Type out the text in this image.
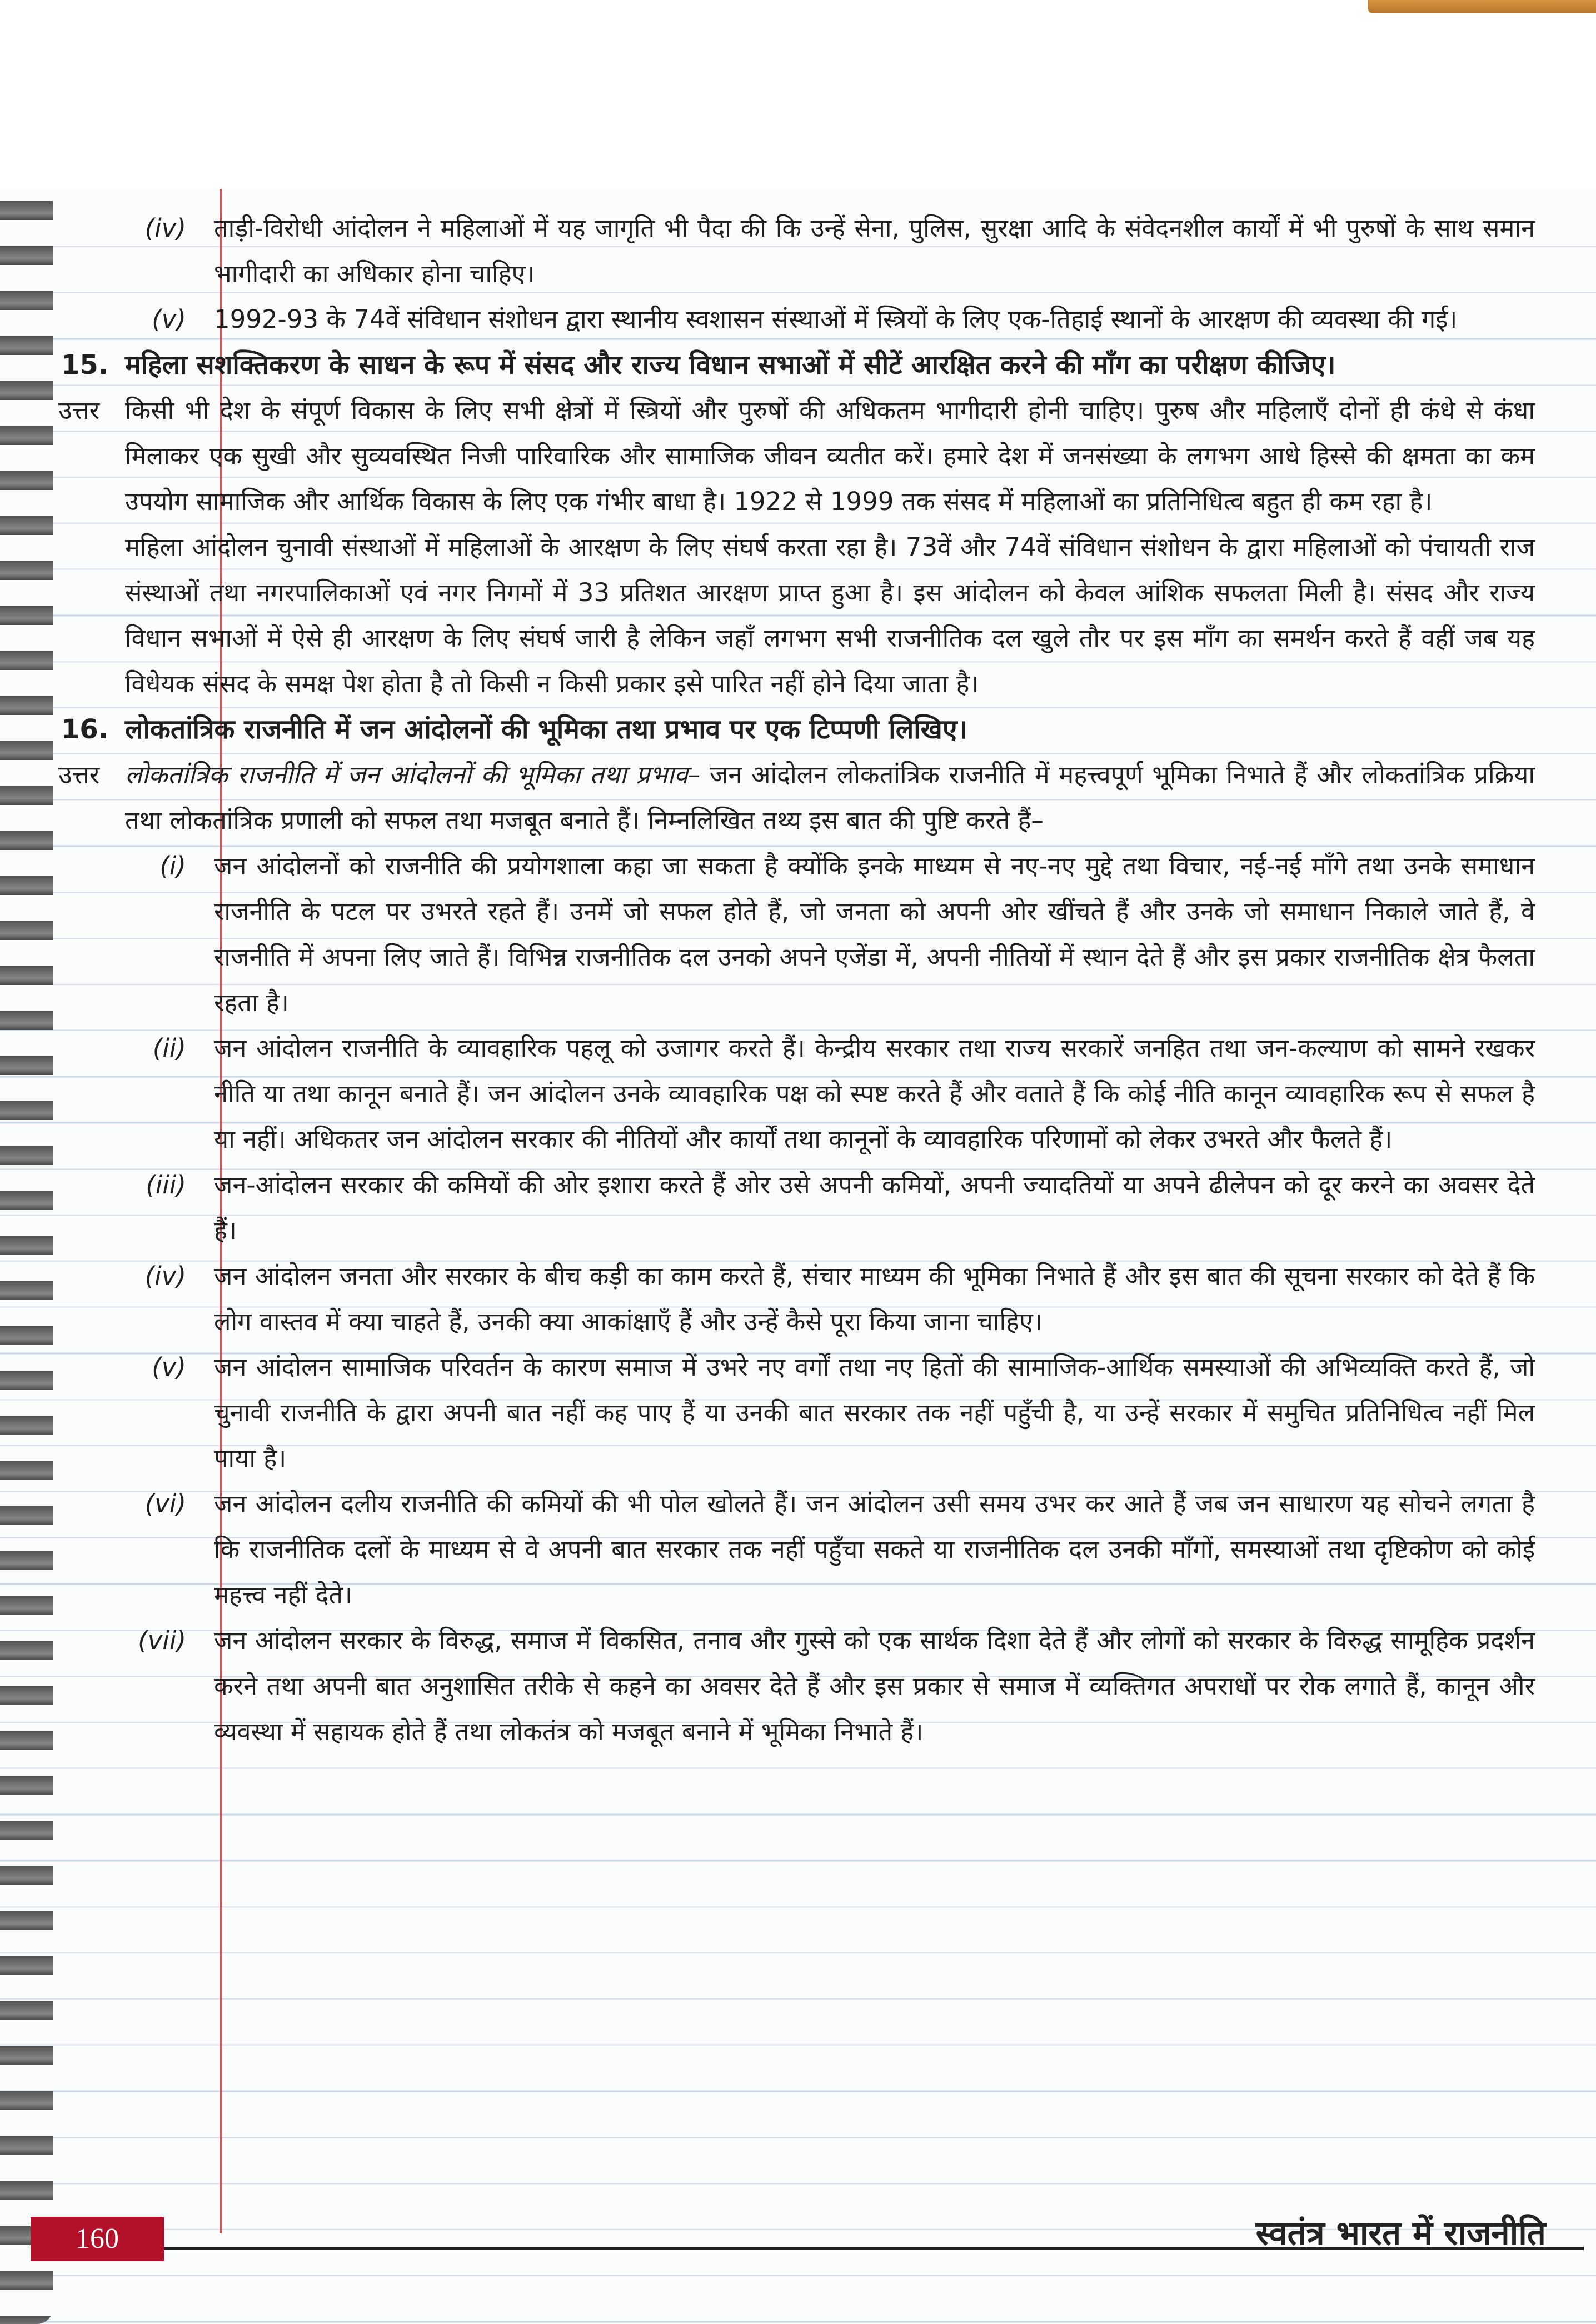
(iv) ताड़ी-विरोधी आंदोलन ने महिलाओं में यह जागृति भी पैदा की कि उन्हें सेना, पुलिस, सुरक्षा आदि के संवेदनशील कार्यों में भी पुरुषों के साथ समान भागीदारी का अधिकार होना चाहिए।

(v) 1992-93 के 74वें संविधान संशोधन द्वारा स्थानीय स्वशासन संस्थाओं में स्त्रियों के लिए एक-तिहाई स्थानों के आरक्षण की व्यवस्था की गई।

15. महिला सशक्तिकरण के साधन के रूप में संसद और राज्य विधान सभाओं में सीटें आरक्षित करने की माँग का परीक्षण कीजिए।

उत्तर	किसी भी देश के संपूर्ण विकास के लिए सभी क्षेत्रों में स्त्रियों और पुरुषों की अधिकतम भागीदारी होनी चाहिए। पुरुष और महिलाएँ दोनों ही कंधे से कंधा मिलाकर एक सुखी और सुव्यवस्थित निजी पारिवारिक और सामाजिक जीवन व्यतीत करें। हमारे देश में जनसंख्या के लगभग आधे हिस्से की क्षमता का कम उपयोग सामाजिक और आर्थिक विकास के लिए एक गंभीर बाधा है। 1922 से 1999 तक संसद में महिलाओं का प्रतिनिधित्व बहुत ही कम रहा है।

महिला आंदोलन चुनावी संस्थाओं में महिलाओं के आरक्षण के लिए संघर्ष करता रहा है। 73वें और 74वें संविधान संशोधन के द्वारा महिलाओं को पंचायती राज संस्थाओं तथा नगरपालिकाओं एवं नगर निगमों में 33 प्रतिशत आरक्षण प्राप्त हुआ है। इस आंदोलन को केवल आंशिक सफलता मिली है। संसद और राज्य विधान सभाओं में ऐसे ही आरक्षण के लिए संघर्ष जारी है लेकिन जहाँ लगभग सभी राजनीतिक दल खुले तौर पर इस माँग का समर्थन करते हैं वहीं जब यह विधेयक संसद के समक्ष पेश होता है तो किसी न किसी प्रकार इसे पारित नहीं होने दिया जाता है।

16. लोकतांत्रिक राजनीति में जन आंदोलनों की भूमिका तथा प्रभाव पर एक टिप्पणी लिखिए।

उत्तर	लोकतांत्रिक राजनीति में जन आंदोलनों की भूमिका तथा प्रभाव– जन आंदोलन लोकतांत्रिक राजनीति में महत्त्वपूर्ण भूमिका निभाते हैं और लोकतांत्रिक प्रक्रिया तथा लोकतांत्रिक प्रणाली को सफल तथा मजबूत बनाते हैं। निम्नलिखित तथ्य इस बात की पुष्टि करते हैं–

(i) जन आंदोलनों को राजनीति की प्रयोगशाला कहा जा सकता है क्योंकि इनके माध्यम से नए-नए मुद्दे तथा विचार, नई-नई माँगे तथा उनके समाधान राजनीति के पटल पर उभरते रहते हैं। उनमें जो सफल होते हैं, जो जनता को अपनी ओर खींचते हैं और उनके जो समाधान निकाले जाते हैं, वे राजनीति में अपना लिए जाते हैं। विभिन्न राजनीतिक दल उनको अपने एजेंडा में, अपनी नीतियों में स्थान देते हैं और इस प्रकार राजनीतिक क्षेत्र फैलता रहता है।

(ii) जन आंदोलन राजनीति के व्यावहारिक पहलू को उजागर करते हैं। केन्द्रीय सरकार तथा राज्य सरकारें जनहित तथा जन-कल्याण को सामने रखकर नीति या तथा कानून बनाते हैं। जन आंदोलन उनके व्यावहारिक पक्ष को स्पष्ट करते हैं और वताते हैं कि कोई नीति कानून व्यावहारिक रूप से सफल है या नहीं। अधिकतर जन आंदोलन सरकार की नीतियों और कार्यों तथा कानूनों के व्यावहारिक परिणामों को लेकर उभरते और फैलते हैं।

(iii) जन-आंदोलन सरकार की कमियों की ओर इशारा करते हैं ओर उसे अपनी कमियों, अपनी ज्यादतियों या अपने ढीलेपन को दूर करने का अवसर देते हैं।

(iv) जन आंदोलन जनता और सरकार के बीच कड़ी का काम करते हैं, संचार माध्यम की भूमिका निभाते हैं और इस बात की सूचना सरकार को देते हैं कि लोग वास्तव में क्या चाहते हैं, उनकी क्या आकांक्षाएँ हैं और उन्हें कैसे पूरा किया जाना चाहिए।

(v) जन आंदोलन सामाजिक परिवर्तन के कारण समाज में उभरे नए वर्गों तथा नए हितों की सामाजिक-आर्थिक समस्याओं की अभिव्यक्ति करते हैं, जो चुनावी राजनीति के द्वारा अपनी बात नहीं कह पाए हैं या उनकी बात सरकार तक नहीं पहुँची है, या उन्हें सरकार में समुचित प्रतिनिधित्व नहीं मिल पाया है।

(vi) जन आंदोलन दलीय राजनीति की कमियों की भी पोल खोलते हैं। जन आंदोलन उसी समय उभर कर आते हैं जब जन साधारण यह सोचने लगता है कि राजनीतिक दलों के माध्यम से वे अपनी बात सरकार तक नहीं पहुँचा सकते या राजनीतिक दल उनकी माँगों, समस्याओं तथा दृष्टिकोण को कोई महत्त्व नहीं देते।

(vii) जन आंदोलन सरकार के विरुद्ध, समाज में विकसित, तनाव और गुस्से को एक सार्थक दिशा देते हैं और लोगों को सरकार के विरुद्ध सामूहिक प्रदर्शन करने तथा अपनी बात अनुशासित तरीके से कहने का अवसर देते हैं और इस प्रकार से समाज में व्यक्तिगत अपराधों पर रोक लगाते हैं, कानून और व्यवस्था में सहायक होते हैं तथा लोकतंत्र को मजबूत बनाने में भूमिका निभाते हैं।

160	स्वतंत्र भारत में राजनीति
